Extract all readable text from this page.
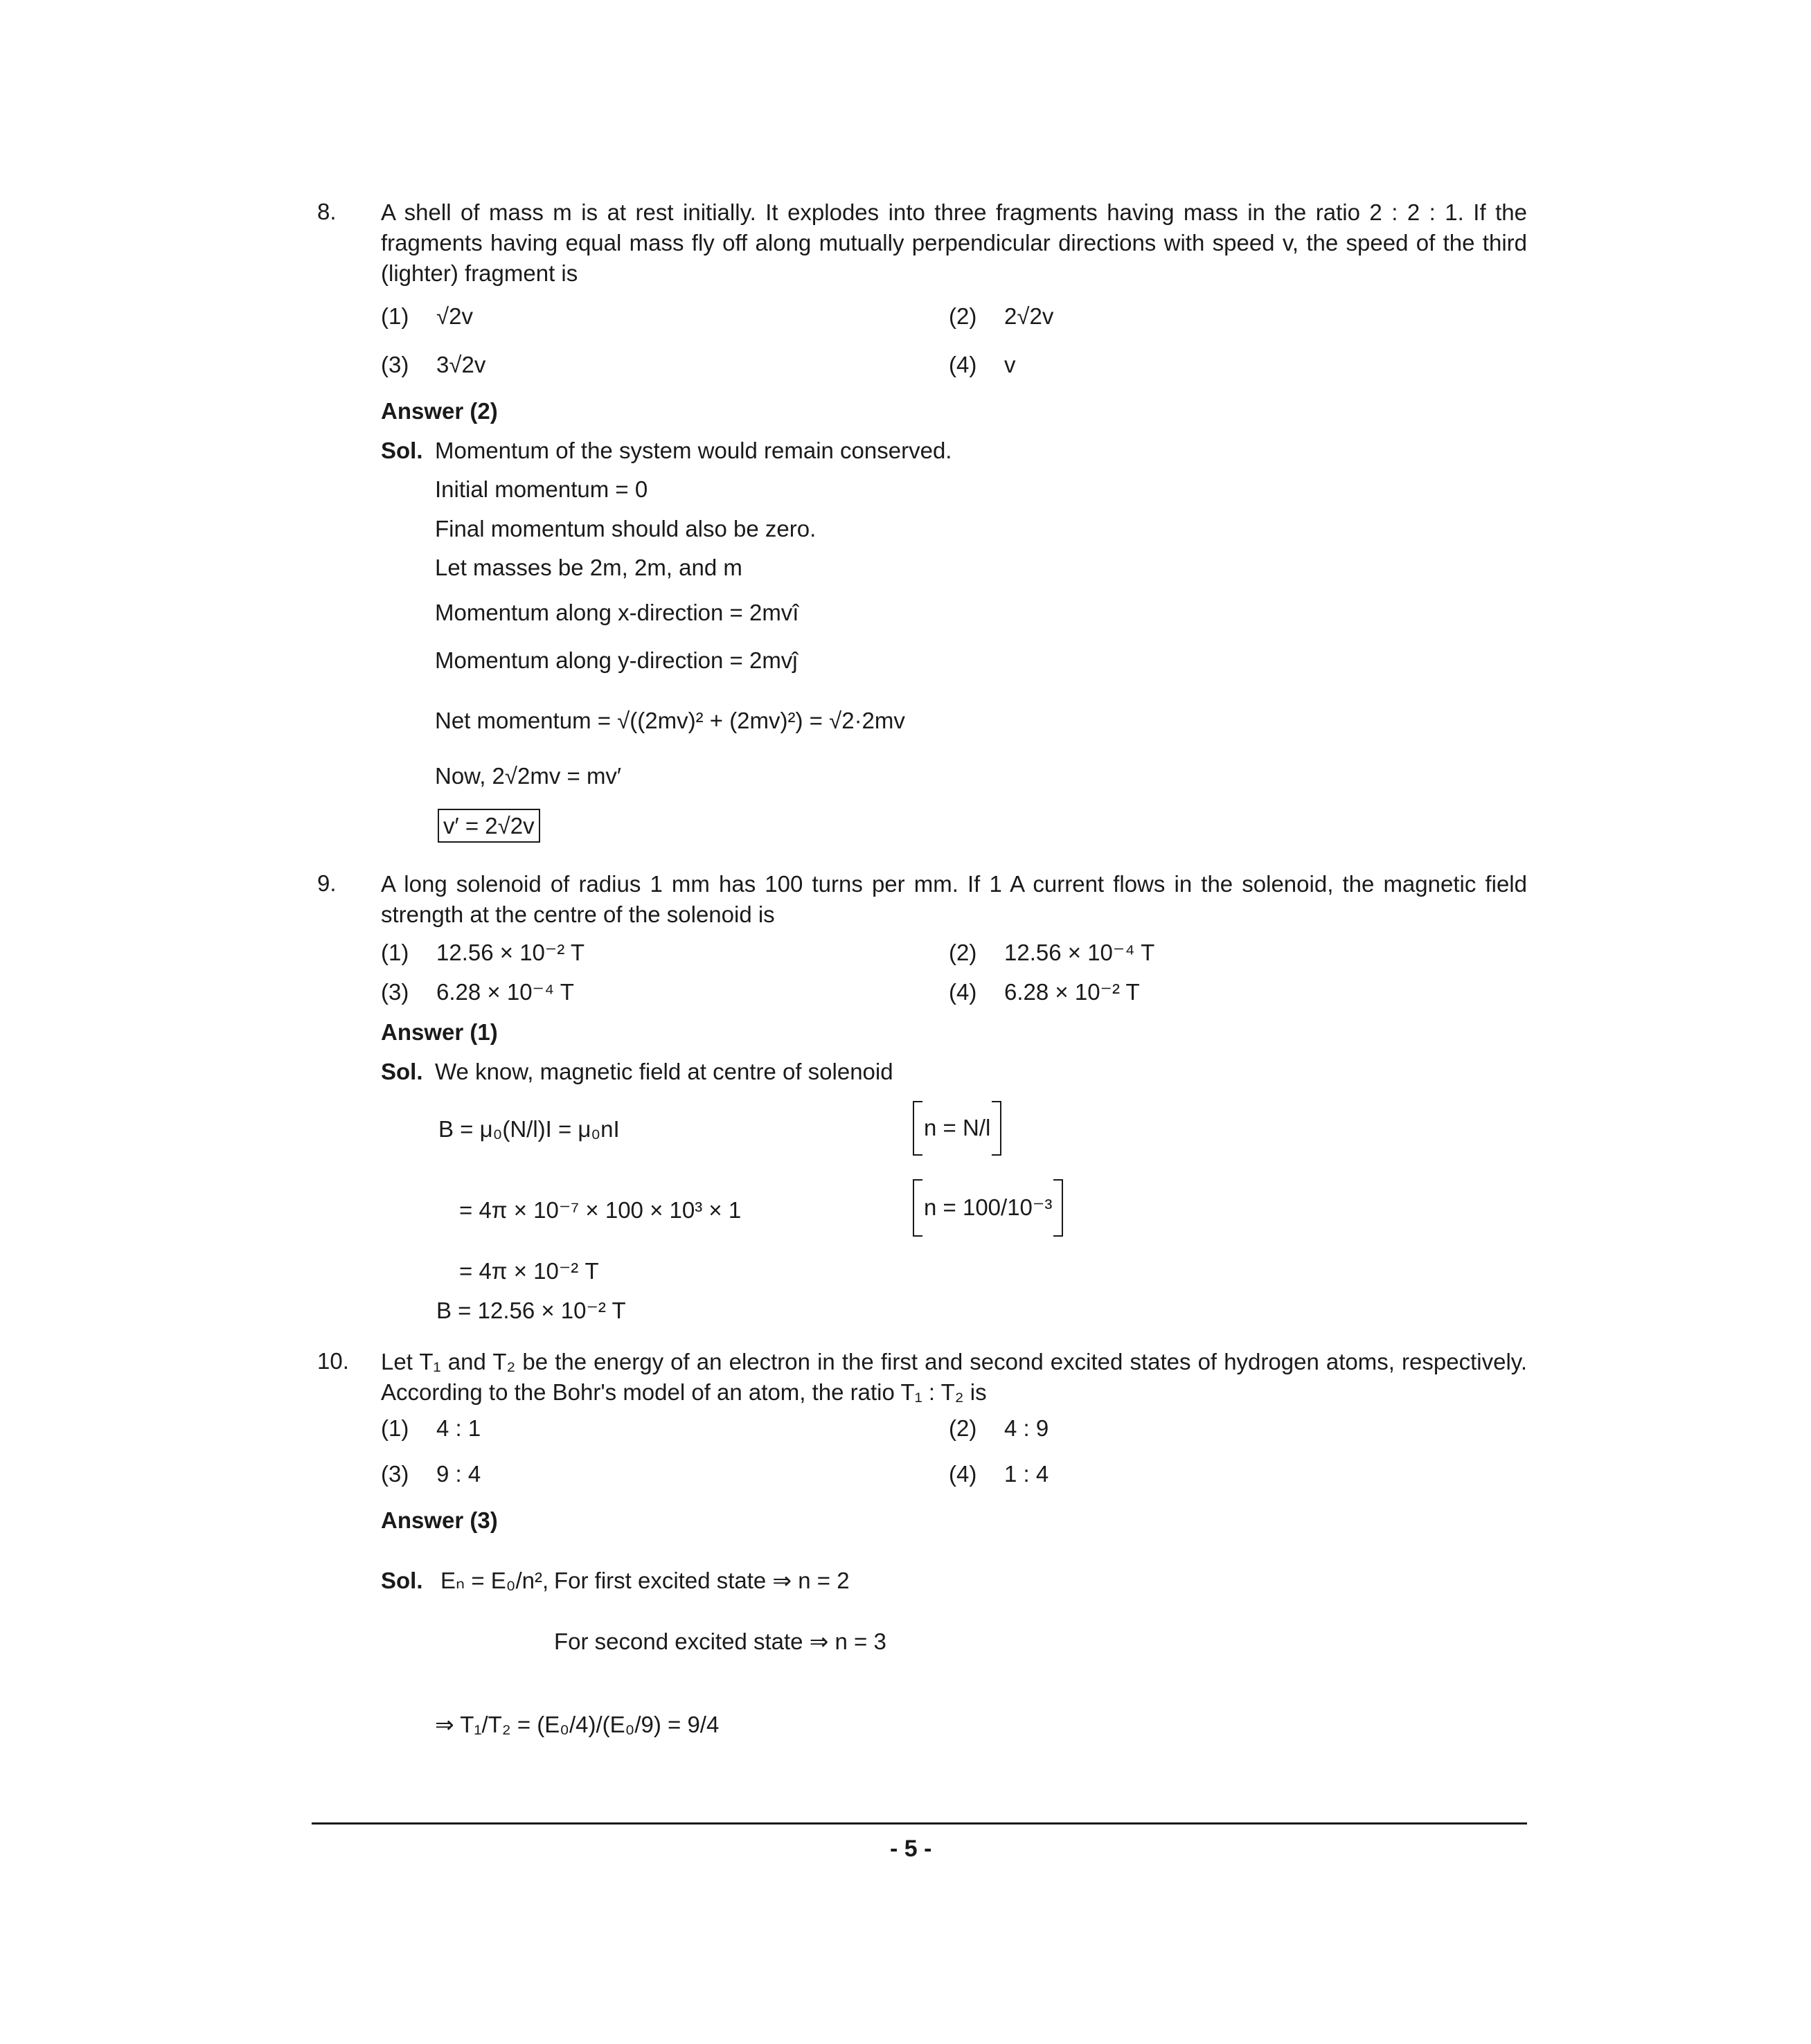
8. A shell of mass m is at rest initially. It explodes into three fragments having mass in the ratio 2 : 2 : 1. If the fragments having equal mass fly off along mutually perpendicular directions with speed v, the speed of the third (lighter) fragment is
(1) √2v	(2) 2√2v
(3) 3√2v	(4) v
Answer (2)
Sol. Momentum of the system would remain conserved.
Initial momentum = 0
Final momentum should also be zero.
Let masses be 2m, 2m, and m
Momentum along x-direction = 2mvî
Momentum along y-direction = 2mvĵ
Net momentum = √((2mv)² + (2mv)²) = √2·2mv
Now, 2√2mv = mv′
v′ = 2√2v
9. A long solenoid of radius 1 mm has 100 turns per mm. If 1 A current flows in the solenoid, the magnetic field strength at the centre of the solenoid is
(1) 12.56 × 10⁻² T	(2) 12.56 × 10⁻⁴ T
(3) 6.28 × 10⁻⁴ T	(4) 6.28 × 10⁻² T
Answer (1)
Sol. We know, magnetic field at centre of solenoid
B = μ₀(N/l)I = μ₀nI	n = N/l
= 4π × 10⁻⁷ × 100 × 10³ × 1	n = 100/10⁻³
= 4π × 10⁻² T
B = 12.56 × 10⁻² T
10. Let T₁ and T₂ be the energy of an electron in the first and second excited states of hydrogen atoms, respectively. According to the Bohr's model of an atom, the ratio T₁ : T₂ is
(1) 4 : 1	(2) 4 : 9
(3) 9 : 4	(4) 1 : 4
Answer (3)
Sol. Eₙ = E₀/n², For first excited state ⇒ n = 2
For second excited state ⇒ n = 3
⇒ T₁/T₂ = (E₀/4)/(E₀/9) = 9/4
- 5 -
